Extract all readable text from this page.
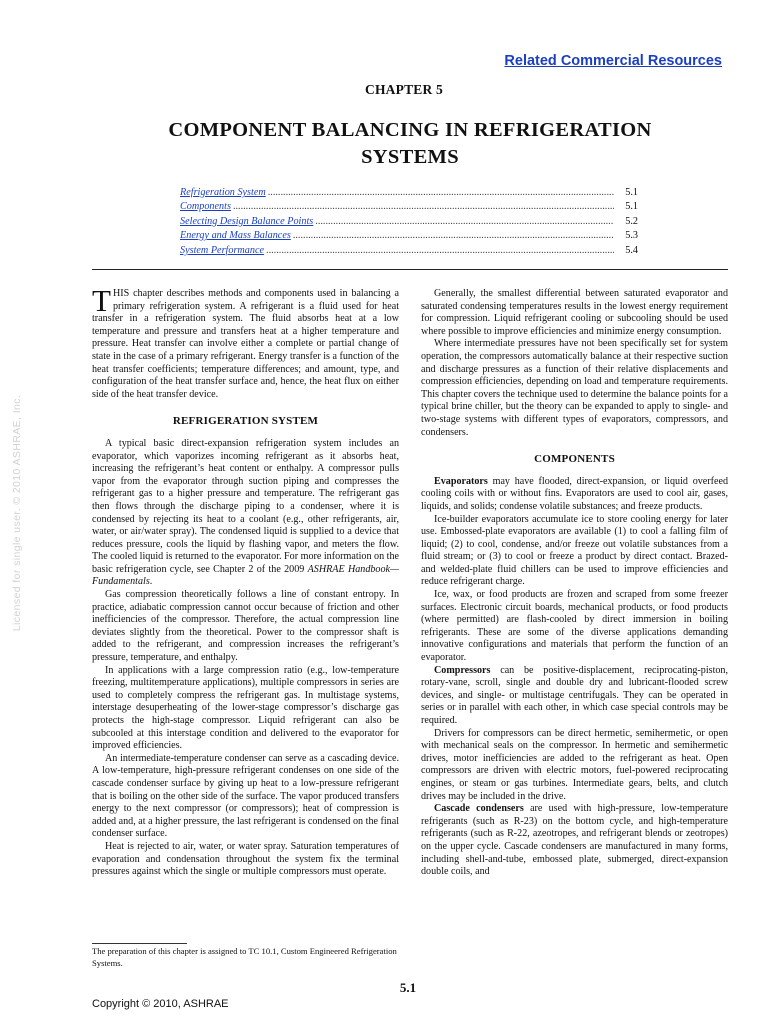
Related Commercial Resources
CHAPTER 5
COMPONENT BALANCING IN REFRIGERATION SYSTEMS
Refrigeration System .....	5.1
Components .....	5.1
Selecting Design Balance Points .....	5.2
Energy and Mass Balances .....	5.3
System Performance .....	5.4
Licensed for single user. © 2010 ASHRAE, Inc.

THIS chapter describes methods and components used in balancing a primary refrigeration system. A refrigerant is a fluid used for heat transfer in a refrigeration system. The fluid absorbs heat at a low temperature and pressure and transfers heat at a higher temperature and pressure. Heat transfer can involve either a complete or partial change of state in the case of a primary refrigerant. Energy transfer is a function of the heat transfer coefficients; temperature differences; and amount, type, and configuration of the heat transfer surface and, hence, the heat flux on either side of the heat transfer device.

REFRIGERATION SYSTEM

A typical basic direct-expansion refrigeration system includes an evaporator, which vaporizes incoming refrigerant as it absorbs heat, increasing the refrigerant’s heat content or enthalpy. A compressor pulls vapor from the evaporator through suction piping and compresses the refrigerant gas to a higher pressure and temperature. The refrigerant gas then flows through the discharge piping to a condenser, where it is condensed by rejecting its heat to a coolant (e.g., other refrigerants, air, water, or air/water spray). The condensed liquid is supplied to a device that reduces pressure, cools the liquid by flashing vapor, and meters the flow. The cooled liquid is returned to the evaporator. For more information on the basic refrigeration cycle, see Chapter 2 of the 2009 ASHRAE Handbook—Fundamentals.

Gas compression theoretically follows a line of constant entropy. In practice, adiabatic compression cannot occur because of friction and other inefficiencies of the compressor. Therefore, the actual compression line deviates slightly from the theoretical. Power to the compressor shaft is added to the refrigerant, and compression increases the refrigerant’s pressure, temperature, and enthalpy.

In applications with a large compression ratio (e.g., low-temperature freezing, multitemperature applications), multiple compressors in series are used to completely compress the refrigerant gas. In multistage systems, interstage desuperheating of the lower-stage compressor’s discharge gas protects the high-stage compressor. Liquid refrigerant can also be subcooled at this interstage condition and delivered to the evaporator for improved efficiencies.

An intermediate-temperature condenser can serve as a cascading device. A low-temperature, high-pressure refrigerant condenses on one side of the cascade condenser surface by giving up heat to a low-pressure refrigerant that is boiling on the other side of the surface. The vapor produced transfers energy to the next compressor (or compressors); heat of compression is added and, at a higher pressure, the last refrigerant is condensed on the final condenser surface.

Heat is rejected to air, water, or water spray. Saturation temperatures of evaporation and condensation throughout the system fix the terminal pressures against which the single or multiple compressors must operate.

Generally, the smallest differential between saturated evaporator and saturated condensing temperatures results in the lowest energy requirement for compression. Liquid refrigerant cooling or subcooling should be used where possible to improve efficiencies and minimize energy consumption.

Where intermediate pressures have not been specifically set for system operation, the compressors automatically balance at their respective suction and discharge pressures as a function of their relative displacements and compression efficiencies, depending on load and temperature requirements. This chapter covers the technique used to determine the balance points for a typical brine chiller, but the theory can be expanded to apply to single- and two-stage systems with different types of evaporators, compressors, and condensers.

COMPONENTS

Evaporators may have flooded, direct-expansion, or liquid overfeed cooling coils with or without fins. Evaporators are used to cool air, gases, liquids, and solids; condense volatile substances; and freeze products.

Ice-builder evaporators accumulate ice to store cooling energy for later use. Embossed-plate evaporators are available (1) to cool a falling film of liquid; (2) to cool, condense, and/or freeze out volatile substances from a fluid stream; or (3) to cool or freeze a product by direct contact. Brazed- and welded-plate fluid chillers can be used to improve efficiencies and reduce refrigerant charge.

Ice, wax, or food products are frozen and scraped from some freezer surfaces. Electronic circuit boards, mechanical products, or food products (where permitted) are flash-cooled by direct immersion in boiling refrigerants. These are some of the diverse applications demanding innovative configurations and materials that perform the function of an evaporator.

Compressors can be positive-displacement, reciprocating-piston, rotary-vane, scroll, single and double dry and lubricant-flooded screw devices, and single- or multistage centrifugals. They can be operated in series or in parallel with each other, in which case special controls may be required.

Drivers for compressors can be direct hermetic, semihermetic, or open with mechanical seals on the compressor. In hermetic and semihermetic drives, motor inefficiencies are added to the refrigerant as heat. Open compressors are driven with electric motors, fuel-powered reciprocating engines, or steam or gas turbines. Intermediate gears, belts, and clutch drives may be included in the drive.

Cascade condensers are used with high-pressure, low-temperature refrigerants (such as R-23) on the bottom cycle, and high-temperature refrigerants (such as R-22, azeotropes, and refrigerant blends or zeotropes) on the upper cycle. Cascade condensers are manufactured in many forms, including shell-and-tube, embossed plate, submerged, direct-expansion double coils, and

The preparation of this chapter is assigned to TC 10.1, Custom Engineered Refrigeration Systems.
5.1
Copyright © 2010, ASHRAE
